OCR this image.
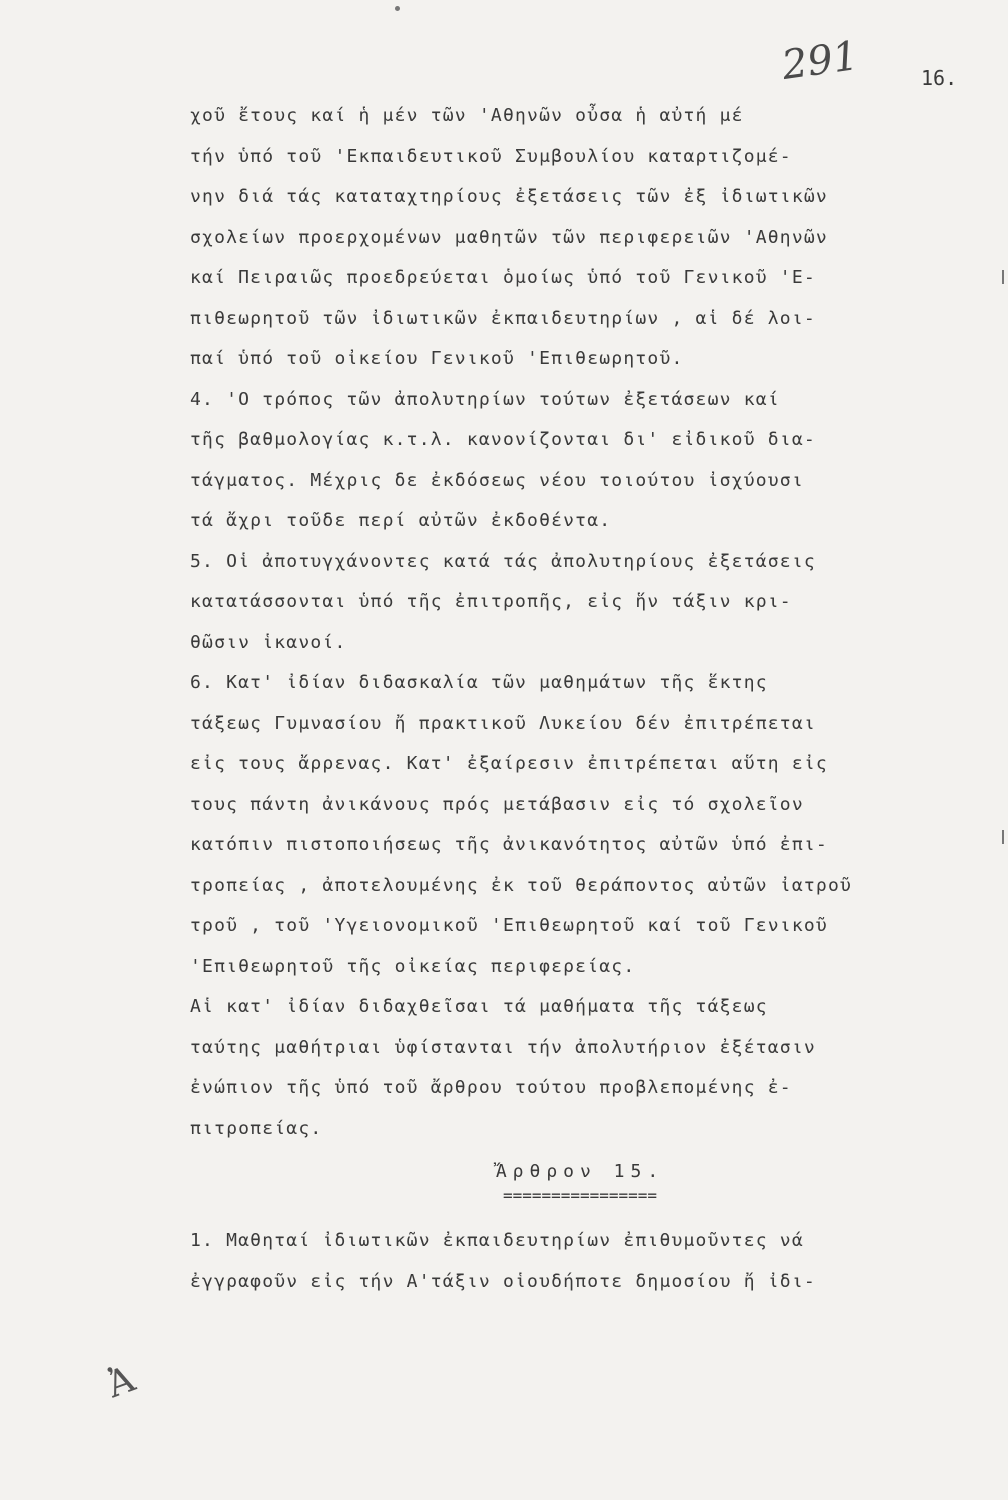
291	16.
χοῦ ἔτους καί ἡ μέν τῶν 'Αθηνῶν οὖσα ἡ αὐτή μέ
τήν ὑπό τοῦ 'Εκπαιδευτικοῦ Συμβουλίου καταρτιζομέ-
νην διά τάς καταταχτηρίους ἐξετάσεις τῶν ἐξ ἰδιωτικῶν
σχολείων προερχομένων μαθητῶν τῶν περιφερειῶν 'Αθηνῶν
καί Πειραιῶς προεδρεύεται ὁμοίως ὑπό τοῦ Γενικοῦ 'Ε-
πιθεωρητοῦ τῶν ἰδιωτικῶν ἐκπαιδευτηρίων , αἱ δέ λοι-
παί ὑπό τοῦ οἰκείου Γενικοῦ 'Επιθεωρητοῦ.
4. 'Ο τρόπος τῶν ἀπολυτηρίων τούτων ἐξετάσεων καί
τῆς βαθμολογίας κ.τ.λ. κανονίζονται δι' εἰδικοῦ δια-
τάγματος. Μέχρις δε ἐκδόσεως νέου τοιούτου ἰσχύουσι
τά ἄχρι τοῦδε περί αὐτῶν ἐκδοθέντα.
5. Οἱ ἀποτυγχάνοντες κατά τάς ἀπολυτηρίους ἐξετάσεις
κατατάσσονται ὑπό τῆς ἐπιτροπῆς, εἰς ἥν τάξιν κρι-
θῶσιν ἱκανοί.
6. Κατ' ἰδίαν διδασκαλία τῶν μαθημάτων τῆς ἕκτης
τάξεως Γυμνασίου ἤ πρακτικοῦ Λυκείου δέν ἐπιτρέπεται
εἰς τους ἄρρενας. Κατ' ἐξαίρεσιν ἐπιτρέπεται αὕτη εἰς
τους πάντη ἀνικάνους πρός μετάβασιν εἰς τό σχολεῖον
κατόπιν πιστοποιήσεως τῆς ἀνικανότητος αὐτῶν ὑπό ἐπι-
τροπείας , ἀποτελουμένης ἐκ τοῦ θεράποντος αὐτῶν ἰατροῦ
τροῦ , τοῦ 'Υγειονομικοῦ 'Επιθεωρητοῦ καί τοῦ Γενικοῦ
'Επιθεωρητοῦ τῆς οἰκείας περιφερείας.
Αἱ κατ' ἰδίαν διδαχθεῖσαι τά μαθήματα τῆς τάξεως
ταύτης μαθήτριαι ὑφίστανται τήν ἀπολυτήριον ἐξέτασιν
ἐνώπιον τῆς ὑπό τοῦ ἄρθρου τούτου προβλεπομένης ἐ-
πιτροπείας.
Ἄρθρον 15.
================
1. Μαθηταί ἰδιωτικῶν ἐκπαιδευτηρίων ἐπιθυμοῦντες νά
ἐγγραφοῦν εἰς τήν Α'τάξιν οἱουδήποτε δημοσίου ἤ ἰδι-
Ἀ
